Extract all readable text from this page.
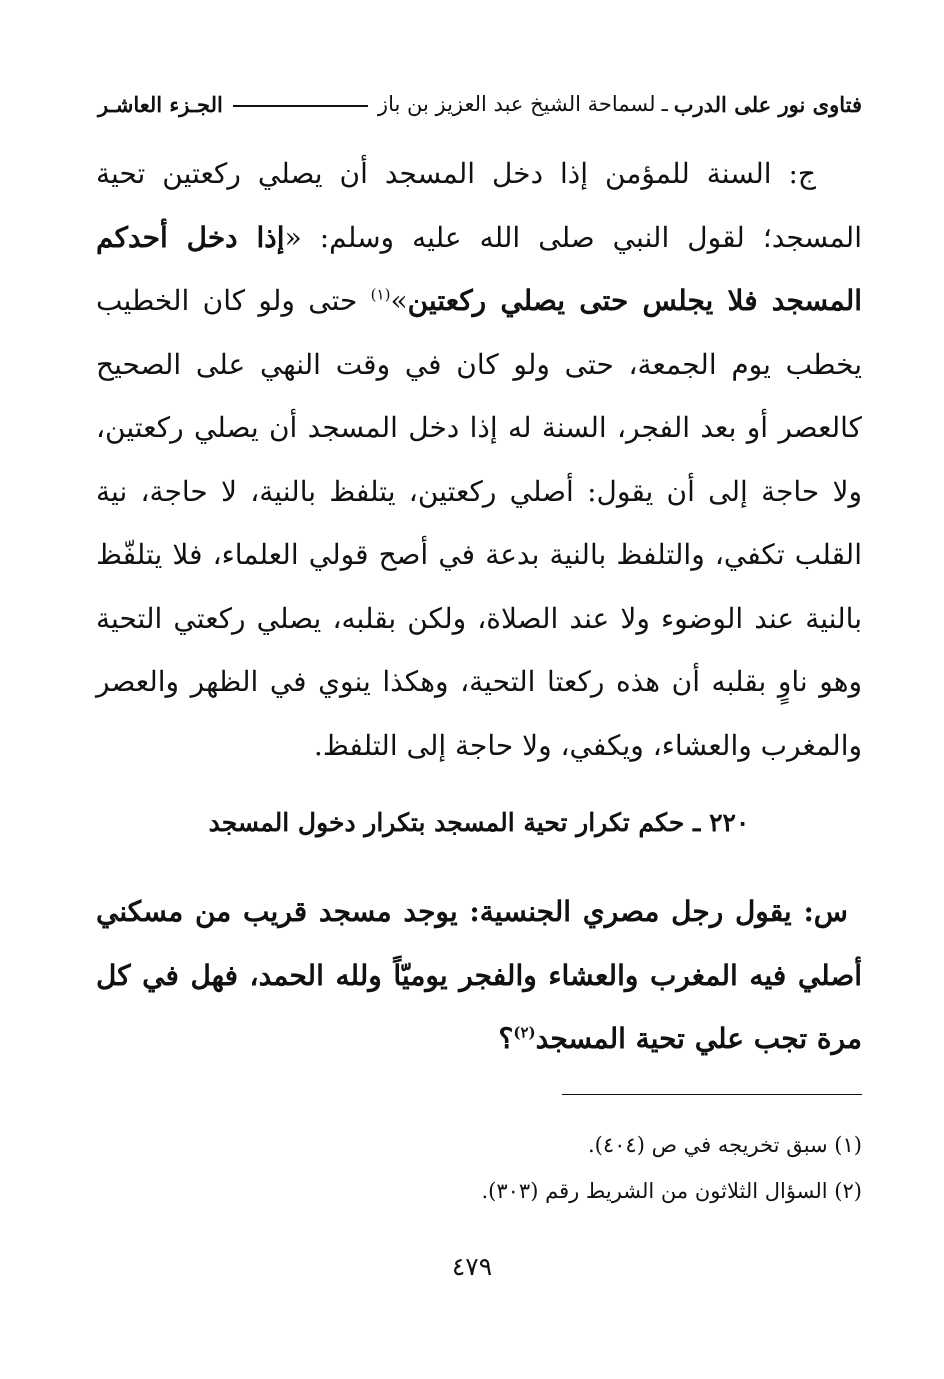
فتاوى نور على الدرب
ـ
لسماحة الشيخ عبد العزيز بن باز
الجـزء العاشـر

ج: السنة للمؤمن إذا دخل المسجد أن يصلي ركعتين تحية المسجد؛ لقول النبي صلى الله عليه وسلم: «إذا دخل أحدكم المسجد فلا يجلس حتى يصلي ركعتين»$^{(١)}$ حتى ولو كان الخطيب يخطب يوم الجمعة، حتى ولو كان في وقت النهي على الصحيح كالعصر أو بعد الفجر، السنة له إذا دخل المسجد أن يصلي ركعتين، ولا حاجة إلى أن يقول: أصلي ركعتين، يتلفظ بالنية، لا حاجة، نية القلب تكفي، والتلفظ بالنية بدعة في أصح قولي العلماء، فلا يتلفّظ بالنية عند الوضوء ولا عند الصلاة، ولكن بقلبه، يصلي ركعتي التحية وهو ناوٍ بقلبه أن هذه ركعتا التحية، وهكذا ينوي في الظهر والعصر والمغرب والعشاء، ويكفي، ولا حاجة إلى التلفظ.

٢٢٠ ـ حكم تكرار تحية المسجد بتكرار دخول المسجد

س: يقول رجل مصري الجنسية: يوجد مسجد قريب من مسكني أصلي فيه المغرب والعشاء والفجر يوميّاً ولله الحمد، فهل في كل مرة تجب علي تحية المسجد$^{(٢)}$؟

(١) سبق تخريجه في ص (٤٠٤).
(٢) السؤال الثلاثون من الشريط رقم (٣٠٣).
٤٧٩
